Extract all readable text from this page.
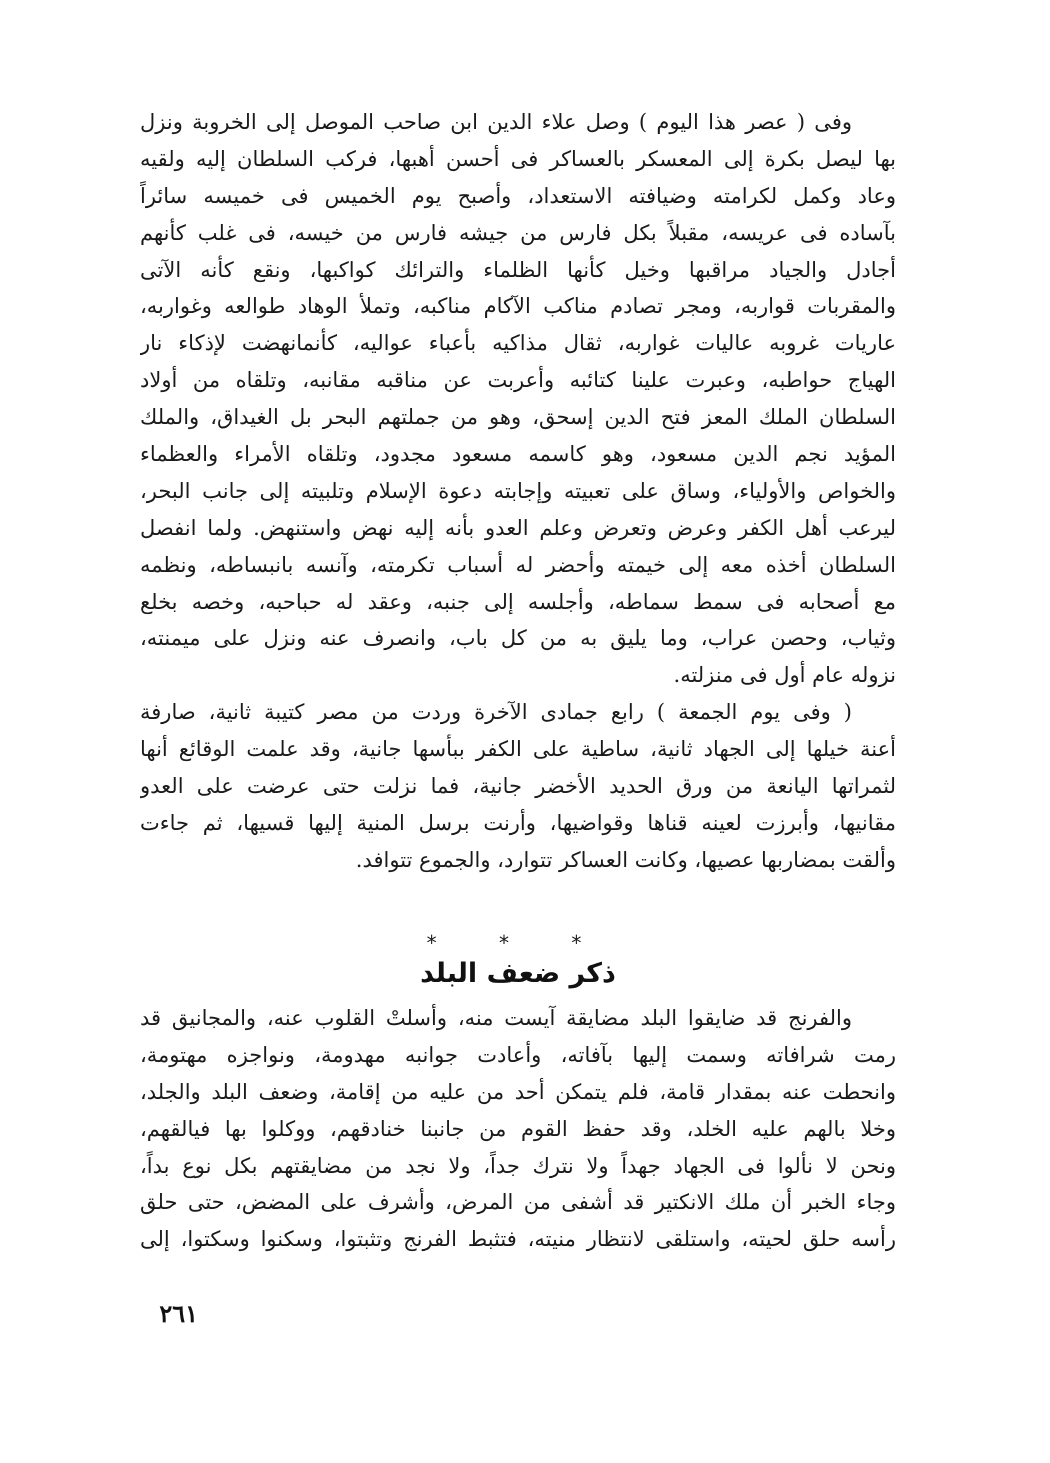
وفى ( عصر هذا اليوم ) وصل علاء الدين ابن صاحب الموصل إلى الخروبة ونزل
بها ليصل بكرة إلى المعسكر بالعساكر فى أحسن أهبها، فركب السلطان إليه ولقيه
وعاد وكمل لكرامته وضيافته الاستعداد، وأصبح يوم الخميس فى خميسه سائراً
بآساده فى عريسه، مقبلاً بكل فارس من جيشه فارس من خيسه، فى غلب كأنهم
أجادل والجياد مراقبها وخيل كأنها الظلماء والترائك كواكبها، ونقع كأنه الآتى
والمقربات قواربه، ومجر تصادم مناكب الآكام مناكبه، وتملأ الوهاد طوالعه وغواربه،
عاريات غروبه عاليات غواربه، ثقال مذاكيه بأعباء عواليه، كأنمانهضت لإذكاء نار
الهياج حواطبه، وعبرت علينا كتائبه وأعربت عن مناقبه مقانبه، وتلقاه من أولاد
السلطان الملك المعز فتح الدين إسحق، وهو من جملتهم البحر بل الغيداق، والملك
المؤيد نجم الدين مسعود، وهو كاسمه مسعود مجدود، وتلقاه الأمراء والعظماء
والخواص والأولياء، وساق على تعبيته وإجابته دعوة الإسلام وتلبيته إلى جانب البحر،
ليرعب أهل الكفر وعرض وتعرض وعلم العدو بأنه إليه نهض واستنهض. ولما انفصل
السلطان أخذه معه إلى خيمته وأحضر له أسباب تكرمته، وآنسه بانبساطه، ونظمه
مع أصحابه فى سمط سماطه، وأجلسه إلى جنبه، وعقد له حباحبه، وخصه بخلع
وثياب، وحصن عراب، وما يليق به من كل باب، وانصرف عنه ونزل على ميمنته،
نزوله عام أول فى منزلته.
( وفى يوم الجمعة ) رابع جمادى الآخرة وردت من مصر كتيبة ثانية، صارفة
أعنة خيلها إلى الجهاد ثانية، ساطية على الكفر ببأسها جانية، وقد علمت الوقائع أنها
لثمراتها اليانعة من ورق الحديد الأخضر جانية، فما نزلت حتى عرضت على العدو
مقانيها، وأبرزت لعينه قناها وقواضيها، وأرنت برسل المنية إليها قسيها، ثم جاءت
وألقت بمضاربها عصيها، وكانت العساكر تتوارد، والجموع تتوافد.
* * *
ذكر ضعف البلد
والفرنج قد ضايقوا البلد مضايقة آيست منه، وأسلتْ القلوب عنه، والمجانيق قد
رمت شرافاته وسمت إليها بآفاته، وأعادت جوانبه مهدومة، ونواجزه مهتومة،
وانحطت عنه بمقدار قامة، فلم يتمكن أحد من عليه من إقامة، وضعف البلد والجلد،
وخلا بالهم عليه الخلد، وقد حفظ القوم من جانبنا خنادقهم، ووكلوا بها فيالقهم،
ونحن لا نألوا فى الجهاد جهداً ولا نترك جداً، ولا نجد من مضايقتهم بكل نوع بداً،
وجاء الخبر أن ملك الانكتير قد أشفى من المرض، وأشرف على المضض، حتى حلق
رأسه حلق لحيته، واستلقى لانتظار منيته، فتثبط الفرنج وتثبتوا، وسكنوا وسكتوا، إلى
٢٦١
